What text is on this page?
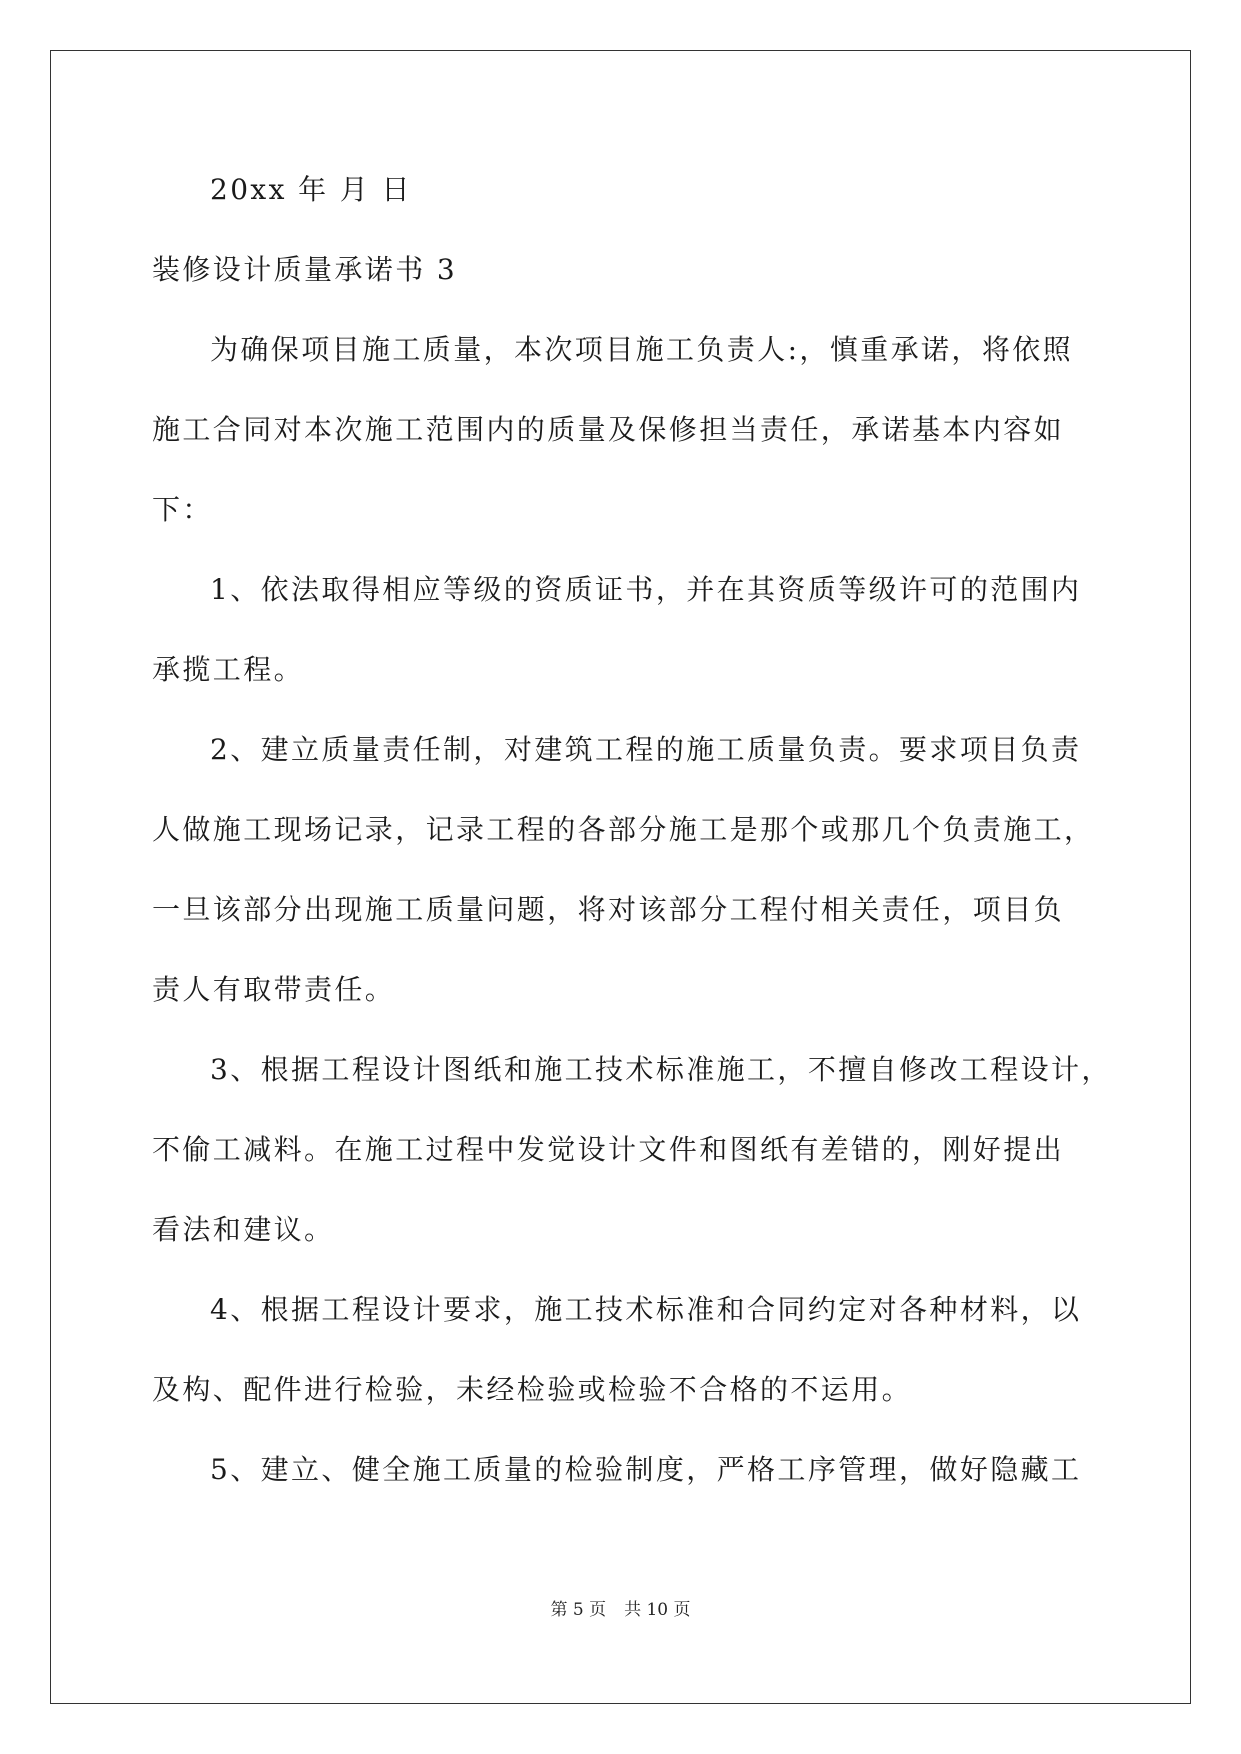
20xx 年 月 日
装修设计质量承诺书 3
为确保项目施工质量，本次项目施工负责人:，慎重承诺，将依照
施工合同对本次施工范围内的质量及保修担当责任，承诺基本内容如
下：
1、依法取得相应等级的资质证书，并在其资质等级许可的范围内
承揽工程。
2、建立质量责任制，对建筑工程的施工质量负责。要求项目负责
人做施工现场记录，记录工程的各部分施工是那个或那几个负责施工，
一旦该部分出现施工质量问题，将对该部分工程付相关责任，项目负
责人有取带责任。
3、根据工程设计图纸和施工技术标准施工，不擅自修改工程设计，
不偷工减料。在施工过程中发觉设计文件和图纸有差错的，刚好提出
看法和建议。
4、根据工程设计要求，施工技术标准和合同约定对各种材料，以
及构、配件进行检验，未经检验或检验不合格的不运用。
5、建立、健全施工质量的检验制度，严格工序管理，做好隐藏工
第 5 页 共 10 页
